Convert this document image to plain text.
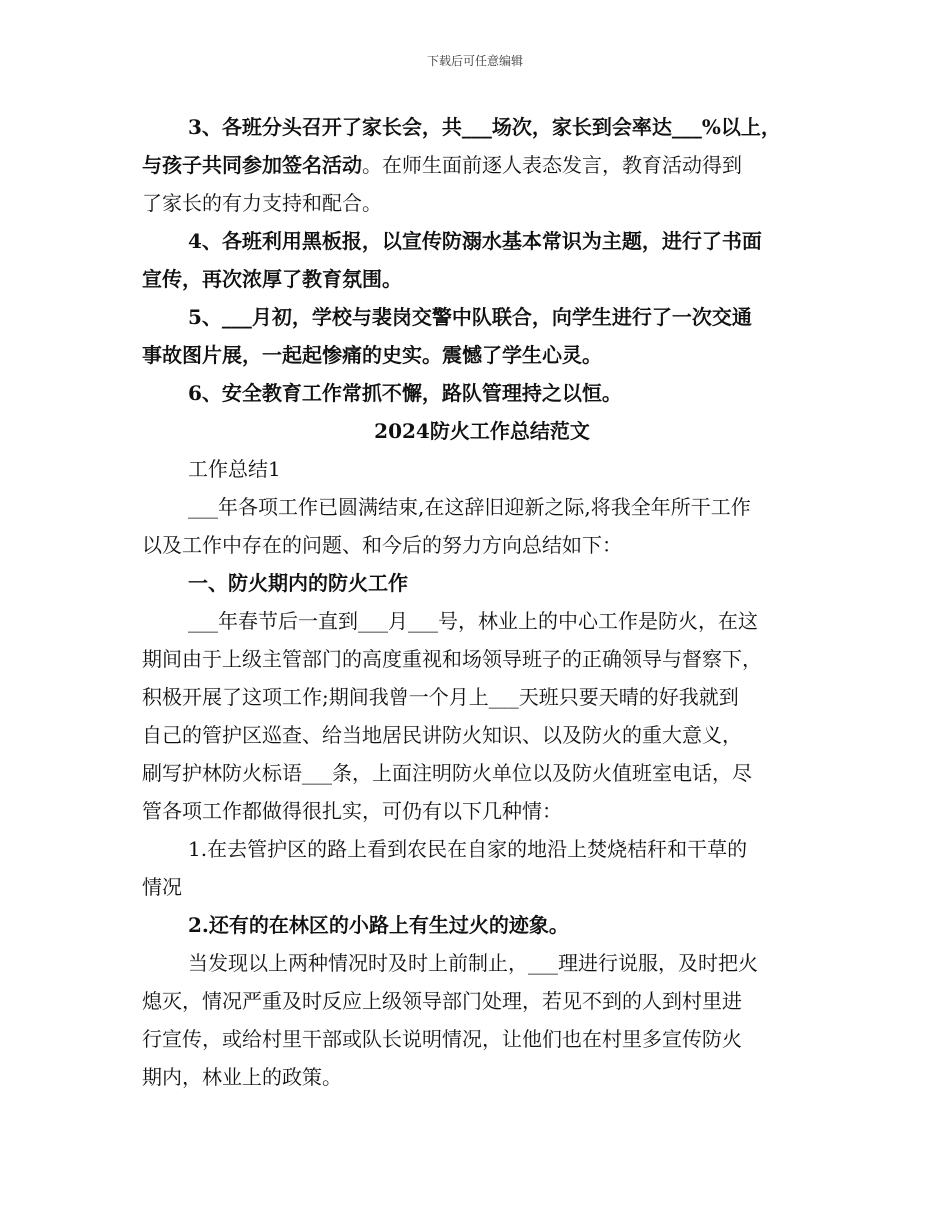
下载后可任意编辑
3、各班分头召开了家长会，共___场次，家长到会率达___%以上，
与孩子共同参加签名活动。在师生面前逐人表态发言，教育活动得到
了家长的有力支持和配合。
4、各班利用黑板报，以宣传防溺水基本常识为主题，进行了书面
宣传，再次浓厚了教育氛围。
5、___月初，学校与裴岗交警中队联合，向学生进行了一次交通
事故图片展，一起起惨痛的史实。震憾了学生心灵。
6、安全教育工作常抓不懈，路队管理持之以恒。
2024防火工作总结范文
工作总结1
___年各项工作已圆满结束,在这辞旧迎新之际,将我全年所干工作
以及工作中存在的问题、和今后的努力方向总结如下：
一、防火期内的防火工作
___年春节后一直到___月___号，林业上的中心工作是防火，在这
期间由于上级主管部门的高度重视和场领导班子的正确领导与督察下，
积极开展了这项工作;期间我曾一个月上___天班只要天晴的好我就到
自己的管护区巡查、给当地居民讲防火知识、以及防火的重大意义，
刷写护林防火标语___条，上面注明防火单位以及防火值班室电话，尽
管各项工作都做得很扎实，可仍有以下几种情：
1.在去管护区的路上看到农民在自家的地沿上焚烧桔秆和干草的
情况
2.还有的在林区的小路上有生过火的迹象。
当发现以上两种情况时及时上前制止，___理进行说服，及时把火
熄灭，情况严重及时反应上级领导部门处理，若见不到的人到村里进
行宣传，或给村里干部或队长说明情况，让他们也在村里多宣传防火
期内，林业上的政策。
